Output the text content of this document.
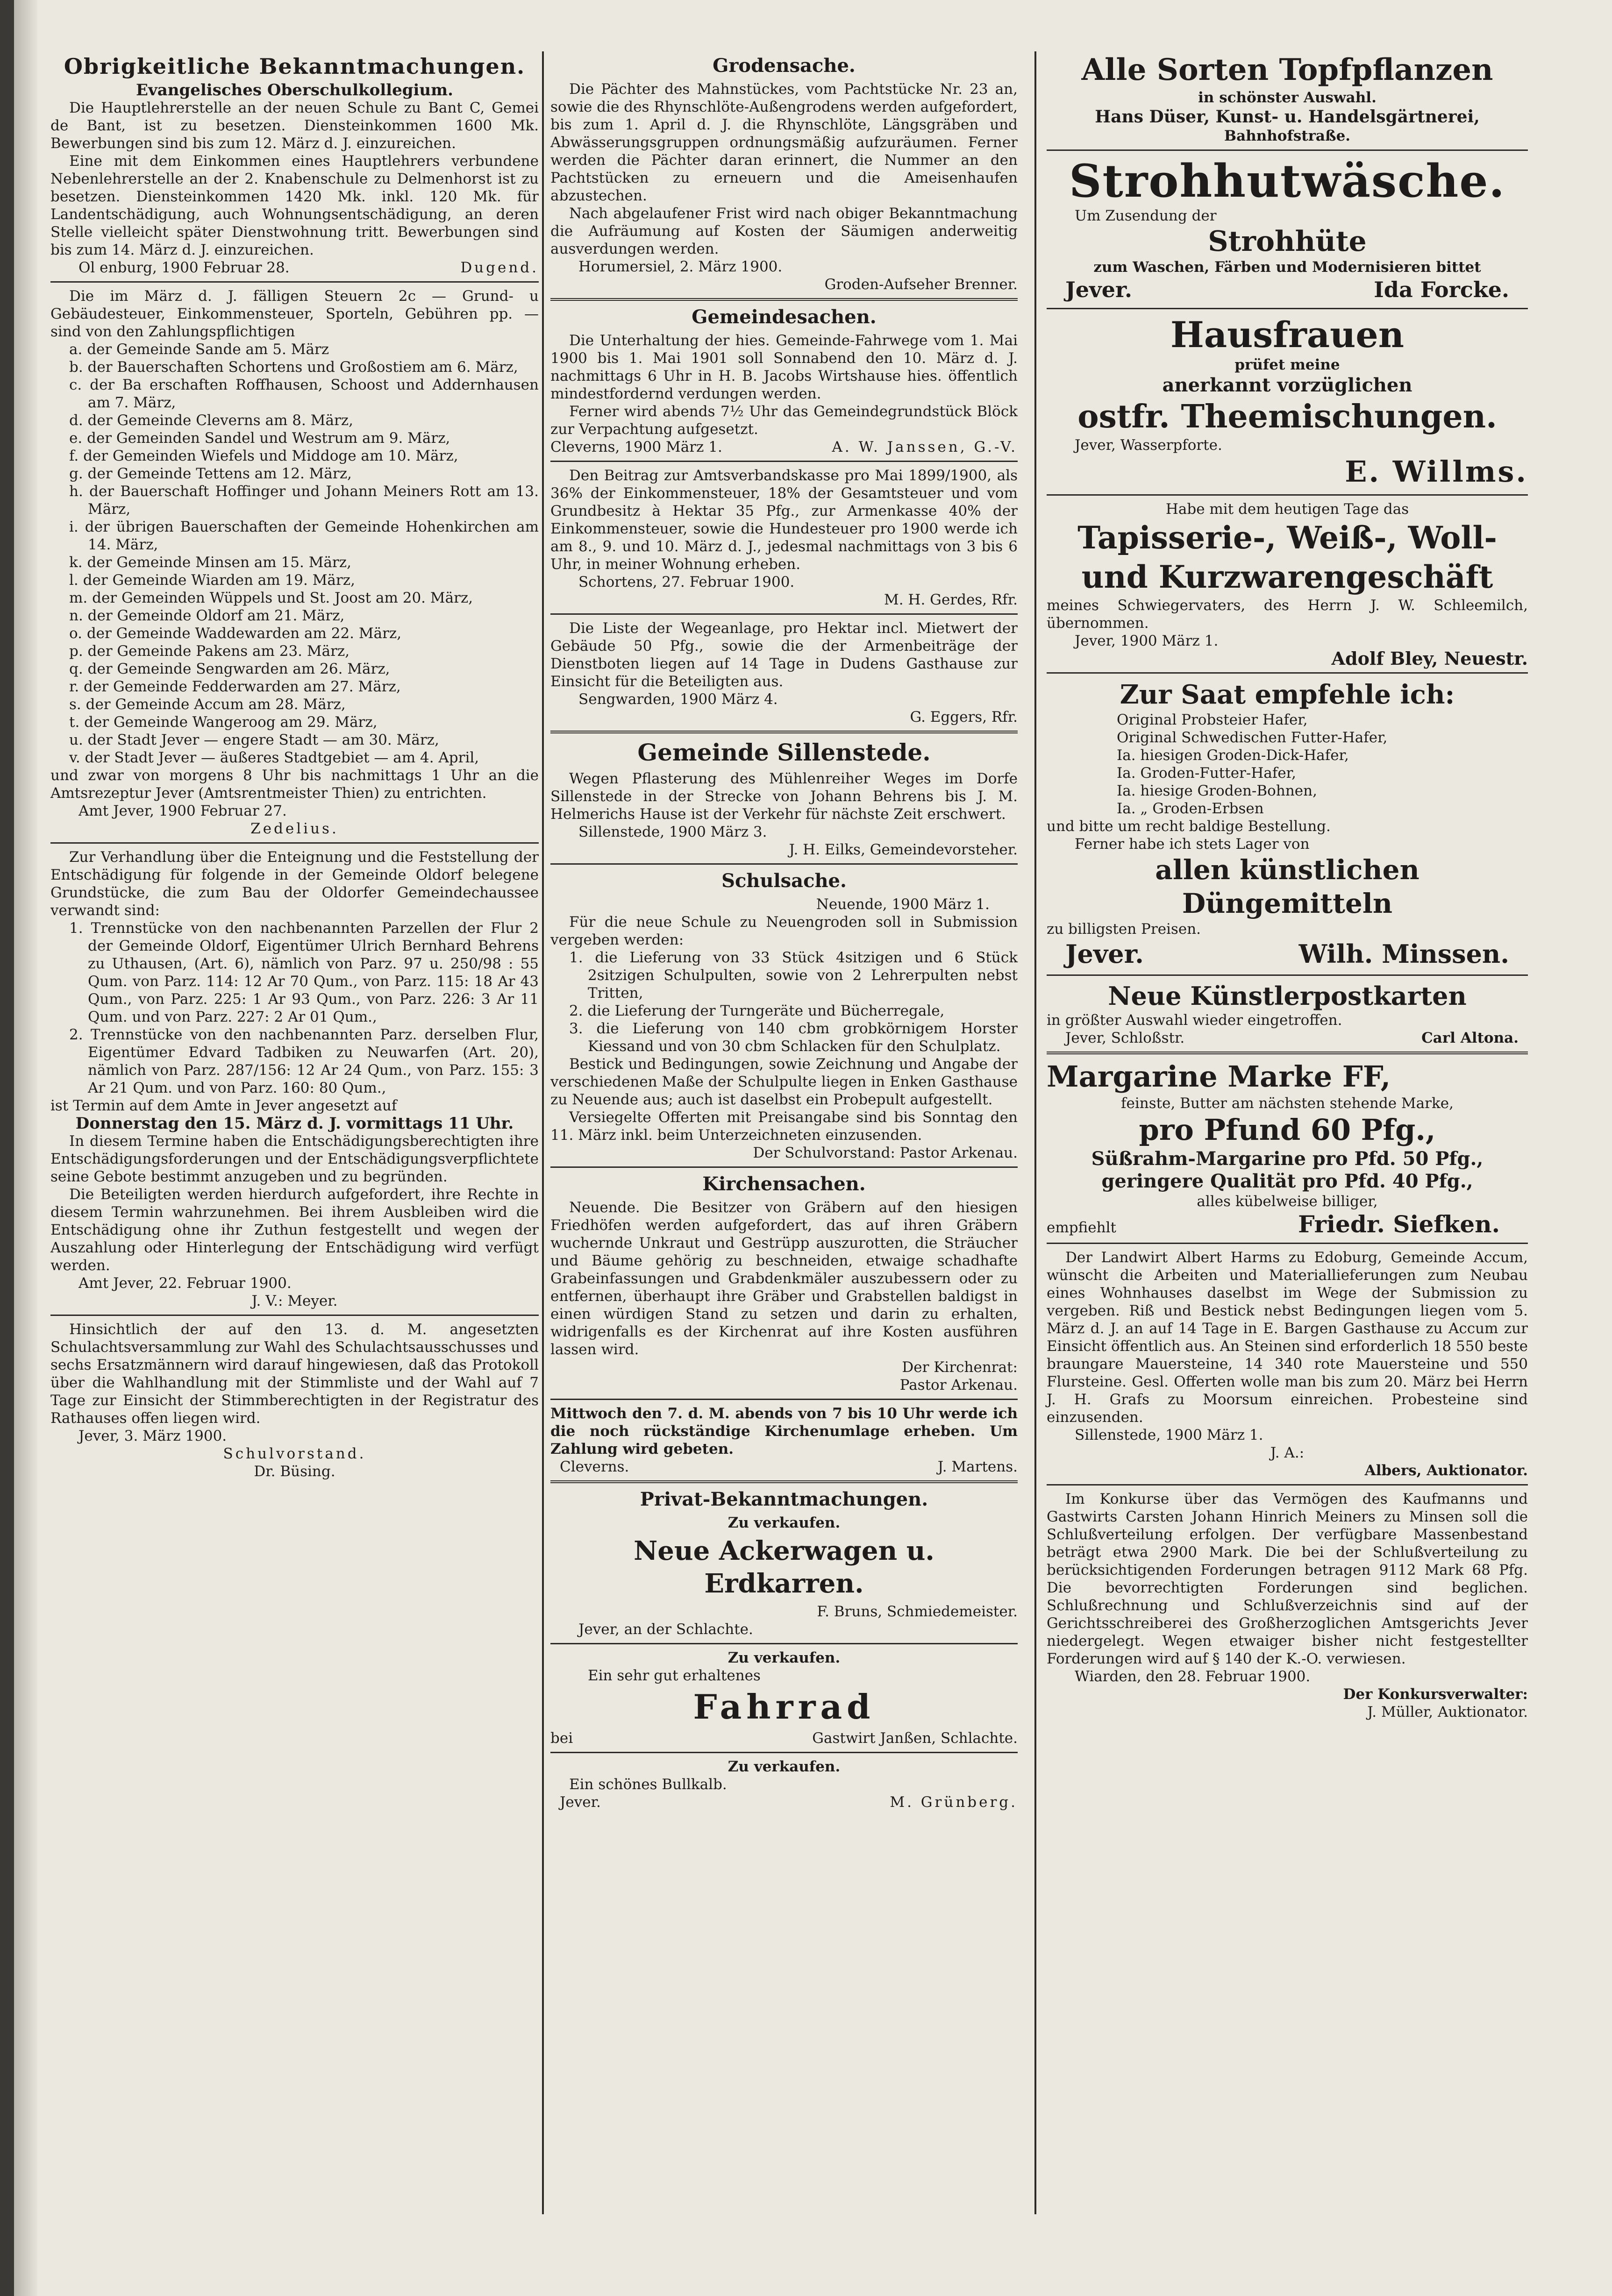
Obrigkeitliche Bekanntmachungen.

Evangelisches Oberschulkollegium.

Die Hauptlehrerstelle an der neuen Schule zu Bant C, Gemei de Bant, ist zu besetzen. Diensteinkommen 1600 Mk. Bewerbungen sind bis zum 12. März d. J. einzureichen.

Eine mit dem Einkommen eines Hauptlehrers verbundene Nebenlehrerstelle an der 2. Knabenschule zu Delmenhorst ist zu besetzen. Diensteinkommen 1420 Mk. inkl. 120 Mk. für Landentschädigung, auch Wohnungsentschädigung, an deren Stelle vielleicht später Dienstwohnung tritt. Bewerbungen sind bis zum 14. März d. J. einzureichen.

Ol enburg, 1900 Februar 28.	Dugend.

Die im März d. J. fälligen Steuern 2c — Grund- u Gebäudesteuer, Einkommensteuer, Sporteln, Gebühren pp. — sind von den Zahlungspflichtigen

a. der Gemeinde Sande am 5. März

b. der Bauerschaften Schortens und Großostiem am 6. März,

c. der Ba erschaften Roffhausen, Schoost und Addernhausen am 7. März,

d. der Gemeinde Cleverns am 8. März,

e. der Gemeinden Sandel und Westrum am 9. März,

f. der Gemeinden Wiefels und Middoge am 10. März,

g. der Gemeinde Tettens am 12. März,

h. der Bauerschaft Hoffinger und Johann Meiners Rott am 13. März,

i. der übrigen Bauerschaften der Gemeinde Hohenkirchen am 14. März,

k. der Gemeinde Minsen am 15. März,

l. der Gemeinde Wiarden am 19. März,

m. der Gemeinden Wüppels und St. Joost am 20. März,

n. der Gemeinde Oldorf am 21. März,

o. der Gemeinde Waddewarden am 22. März,

p. der Gemeinde Pakens am 23. März,

q. der Gemeinde Sengwarden am 26. März,

r. der Gemeinde Fedderwarden am 27. März,

s. der Gemeinde Accum am 28. März,

t. der Gemeinde Wangeroog am 29. März,

u. der Stadt Jever — engere Stadt — am 30. März,

v. der Stadt Jever — äußeres Stadtgebiet — am 4. April,

und zwar von morgens 8 Uhr bis nachmittags 1 Uhr an die Amtsrezeptur Jever (Amtsrentmeister Thien) zu entrichten.

Amt Jever, 1900 Februar 27.

Zedelius.

Zur Verhandlung über die Enteignung und die Feststellung der Entschädigung für folgende in der Gemeinde Oldorf belegene Grundstücke, die zum Bau der Oldorfer Gemeindechaussee verwandt sind:

1. Trennstücke von den nachbenannten Parzellen der Flur 2 der Gemeinde Oldorf, Eigentümer Ulrich Bernhard Behrens zu Uthausen, (Art. 6), nämlich von Parz. 97 u. 250/98 : 55 Qum. von Parz. 114: 12 Ar 70 Qum., von Parz. 115: 18 Ar 43 Qum., von Parz. 225: 1 Ar 93 Qum., von Parz. 226: 3 Ar 11 Qum. und von Parz. 227: 2 Ar 01 Qum.,

2. Trennstücke von den nachbenannten Parz. derselben Flur, Eigentümer Edvard Tadbiken zu Neuwarfen (Art. 20), nämlich von Parz. 287/156: 12 Ar 24 Qum., von Parz. 155: 3 Ar 21 Qum. und von Parz. 160: 80 Qum.,

ist Termin auf dem Amte in Jever angesetzt auf

Donnerstag den 15. März d. J. vormittags 11 Uhr.

In diesem Termine haben die Entschädigungsberechtigten ihre Entschädigungsforderungen und der Entschädigungsverpflichtete seine Gebote bestimmt anzugeben und zu begründen.

Die Beteiligten werden hierdurch aufgefordert, ihre Rechte in diesem Termin wahrzunehmen. Bei ihrem Ausbleiben wird die Entschädigung ohne ihr Zuthun festgestellt und wegen der Auszahlung oder Hinterlegung der Entschädigung wird verfügt werden.

Amt Jever, 22. Februar 1900.

J. V.: Meyer.

Hinsichtlich der auf den 13. d. M. angesetzten Schulachtsversammlung zur Wahl des Schulachtsausschusses und sechs Ersatzmännern wird darauf hingewiesen, daß das Protokoll über die Wahlhandlung mit der Stimmliste und der Wahl auf 7 Tage zur Einsicht der Stimmberechtigten in der Registratur des Rathauses offen liegen wird.

Jever, 3. März 1900.

Schulvorstand.

Dr. Büsing.

Grodensache.

Die Pächter des Mahnstückes, vom Pachtstücke Nr. 23 an, sowie die des Rhynschlöte-Außengrodens werden aufgefordert, bis zum 1. April d. J. die Rhynschlöte, Längsgräben und Abwässerungsgruppen ordnungsmäßig aufzuräumen. Ferner werden die Pächter daran erinnert, die Nummer an den Pachtstücken zu erneuern und die Ameisenhaufen abzustechen.

Nach abgelaufener Frist wird nach obiger Bekanntmachung die Aufräumung auf Kosten der Säumigen anderweitig ausverdungen werden.

Horumersiel, 2. März 1900.

Groden-Aufseher Brenner.

Gemeindesachen.

Die Unterhaltung der hies. Gemeinde-Fahrwege vom 1. Mai 1900 bis 1. Mai 1901 soll Sonnabend den 10. März d. J. nachmittags 6 Uhr in H. B. Jacobs Wirtshause hies. öffentlich mindestfordernd verdungen werden.

Ferner wird abends 7½ Uhr das Gemeindegrundstück Blöck zur Verpachtung aufgesetzt.

Cleverns, 1900 März 1.	A. W. Janssen, G.-V.

Den Beitrag zur Amtsverbandskasse pro Mai 1899/1900, als 36% der Einkommensteuer, 18% der Gesamtsteuer und vom Grundbesitz à Hektar 35 Pfg., zur Armenkasse 40% der Einkommensteuer, sowie die Hundesteuer pro 1900 werde ich am 8., 9. und 10. März d. J., jedesmal nachmittags von 3 bis 6 Uhr, in meiner Wohnung erheben.

Schortens, 27. Februar 1900.

M. H. Gerdes, Rfr.

Die Liste der Wegeanlage, pro Hektar incl. Mietwert der Gebäude 50 Pfg., sowie die der Armenbeiträge der Dienstboten liegen auf 14 Tage in Dudens Gasthause zur Einsicht für die Beteiligten aus.

Sengwarden, 1900 März 4.

G. Eggers, Rfr.

Gemeinde Sillenstede.

Wegen Pflasterung des Mühlenreiher Weges im Dorfe Sillenstede in der Strecke von Johann Behrens bis J. M. Helmerichs Hause ist der Verkehr für nächste Zeit erschwert.

Sillenstede, 1900 März 3.

J. H. Eilks, Gemeindevorsteher.

Schulsache.

Neuende, 1900 März 1.

Für die neue Schule zu Neuengroden soll in Submission vergeben werden:

1. die Lieferung von 33 Stück 4sitzigen und 6 Stück 2sitzigen Schulpulten, sowie von 2 Lehrerpulten nebst Tritten,

2. die Lieferung der Turngeräte und Bücherregale,

3. die Lieferung von 140 cbm grobkörnigem Horster Kiessand und von 30 cbm Schlacken für den Schulplatz.

Bestick und Bedingungen, sowie Zeichnung und Angabe der verschiedenen Maße der Schulpulte liegen in Enken Gasthause zu Neuende aus; auch ist daselbst ein Probepult aufgestellt.

Versiegelte Offerten mit Preisangabe sind bis Sonntag den 11. März inkl. beim Unterzeichneten einzusenden.

Der Schulvorstand: Pastor Arkenau.

Kirchensachen.

Neuende. Die Besitzer von Gräbern auf den hiesigen Friedhöfen werden aufgefordert, das auf ihren Gräbern wuchernde Unkraut und Gestrüpp auszurotten, die Sträucher und Bäume gehörig zu beschneiden, etwaige schadhafte Grabeinfassungen und Grabdenkmäler auszubessern oder zu entfernen, überhaupt ihre Gräber und Grabstellen baldigst in einen würdigen Stand zu setzen und darin zu erhalten, widrigenfalls es der Kirchenrat auf ihre Kosten ausführen lassen wird.

Der Kirchenrat:

Pastor Arkenau.

Mittwoch den 7. d. M. abends von 7 bis 10 Uhr werde ich die noch rückständige Kirchenumlage erheben. Um Zahlung wird gebeten.

Cleverns.	J. Martens.

Privat-Bekanntmachungen.

Zu verkaufen.

Neue Ackerwagen u. Erdkarren.

F. Bruns, Schmiedemeister.

Jever, an der Schlachte.

Zu verkaufen.

Ein sehr gut erhaltenes

Fahrrad

bei	Gastwirt Janßen, Schlachte.

Zu verkaufen.

Ein schönes Bullkalb.

Jever.	M. Grünberg.

Alle Sorten Topfpflanzen

in schönster Auswahl.

Hans Düser, Kunst- u. Handelsgärtnerei,

Bahnhofstraße.

Strohhutwäsche.

Um Zusendung der

Strohhüte

zum Waschen, Färben und Modernisieren bittet

Jever.	Ida Forcke.

Hausfrauen

prüfet meine

anerkannt vorzüglichen

ostfr. Theemischungen.

Jever, Wasserpforte.

E. Willms.

Habe mit dem heutigen Tage das

Tapisserie-, Weiß-, Woll-

und Kurzwarengeschäft

meines Schwiegervaters, des Herrn J. W. Schleemilch, übernommen.

Jever, 1900 März 1.

Adolf Bley, Neuestr.

Zur Saat empfehle ich:

Original Probsteier Hafer,

Original Schwedischen Futter-Hafer,

Ia. hiesigen Groden-Dick-Hafer,

Ia. Groden-Futter-Hafer,

Ia. hiesige Groden-Bohnen,

Ia. „ Groden-Erbsen

und bitte um recht baldige Bestellung.

Ferner habe ich stets Lager von

allen künstlichen Düngemitteln

zu billigsten Preisen.

Jever.	Wilh. Minssen.

Neue Künstlerpostkarten

in größter Auswahl wieder eingetroffen.

Jever, Schloßstr.	Carl Altona.

Margarine Marke FF,

feinste, Butter am nächsten stehende Marke,

pro Pfund 60 Pfg.,

Süßrahm-Margarine pro Pfd. 50 Pfg.,

geringere Qualität pro Pfd. 40 Pfg.,

alles kübelweise billiger,

empfiehlt	Friedr. Siefken.

Der Landwirt Albert Harms zu Edoburg, Gemeinde Accum, wünscht die Arbeiten und Materiallieferungen zum Neubau eines Wohnhauses daselbst im Wege der Submission zu vergeben. Riß und Bestick nebst Bedingungen liegen vom 5. März d. J. an auf 14 Tage in E. Bargen Gasthause zu Accum zur Einsicht öffentlich aus. An Steinen sind erforderlich 18 550 beste braungare Mauersteine, 14 340 rote Mauersteine und 550 Flursteine. Gesl. Offerten wolle man bis zum 20. März bei Herrn J. H. Grafs zu Moorsum einreichen. Probesteine sind einzusenden.

Sillenstede, 1900 März 1.

J. A.:

Albers, Auktionator.

Im Konkurse über das Vermögen des Kaufmanns und Gastwirts Carsten Johann Hinrich Meiners zu Minsen soll die Schlußverteilung erfolgen. Der verfügbare Massenbestand beträgt etwa 2900 Mark. Die bei der Schlußverteilung zu berücksichtigenden Forderungen betragen 9112 Mark 68 Pfg. Die bevorrechtigten Forderungen sind beglichen. Schlußrechnung und Schlußverzeichnis sind auf der Gerichtsschreiberei des Großherzoglichen Amtsgerichts Jever niedergelegt. Wegen etwaiger bisher nicht festgestellter Forderungen wird auf § 140 der K.-O. verwiesen.

Wiarden, den 28. Februar 1900.

Der Konkursverwalter:

J. Müller, Auktionator.
